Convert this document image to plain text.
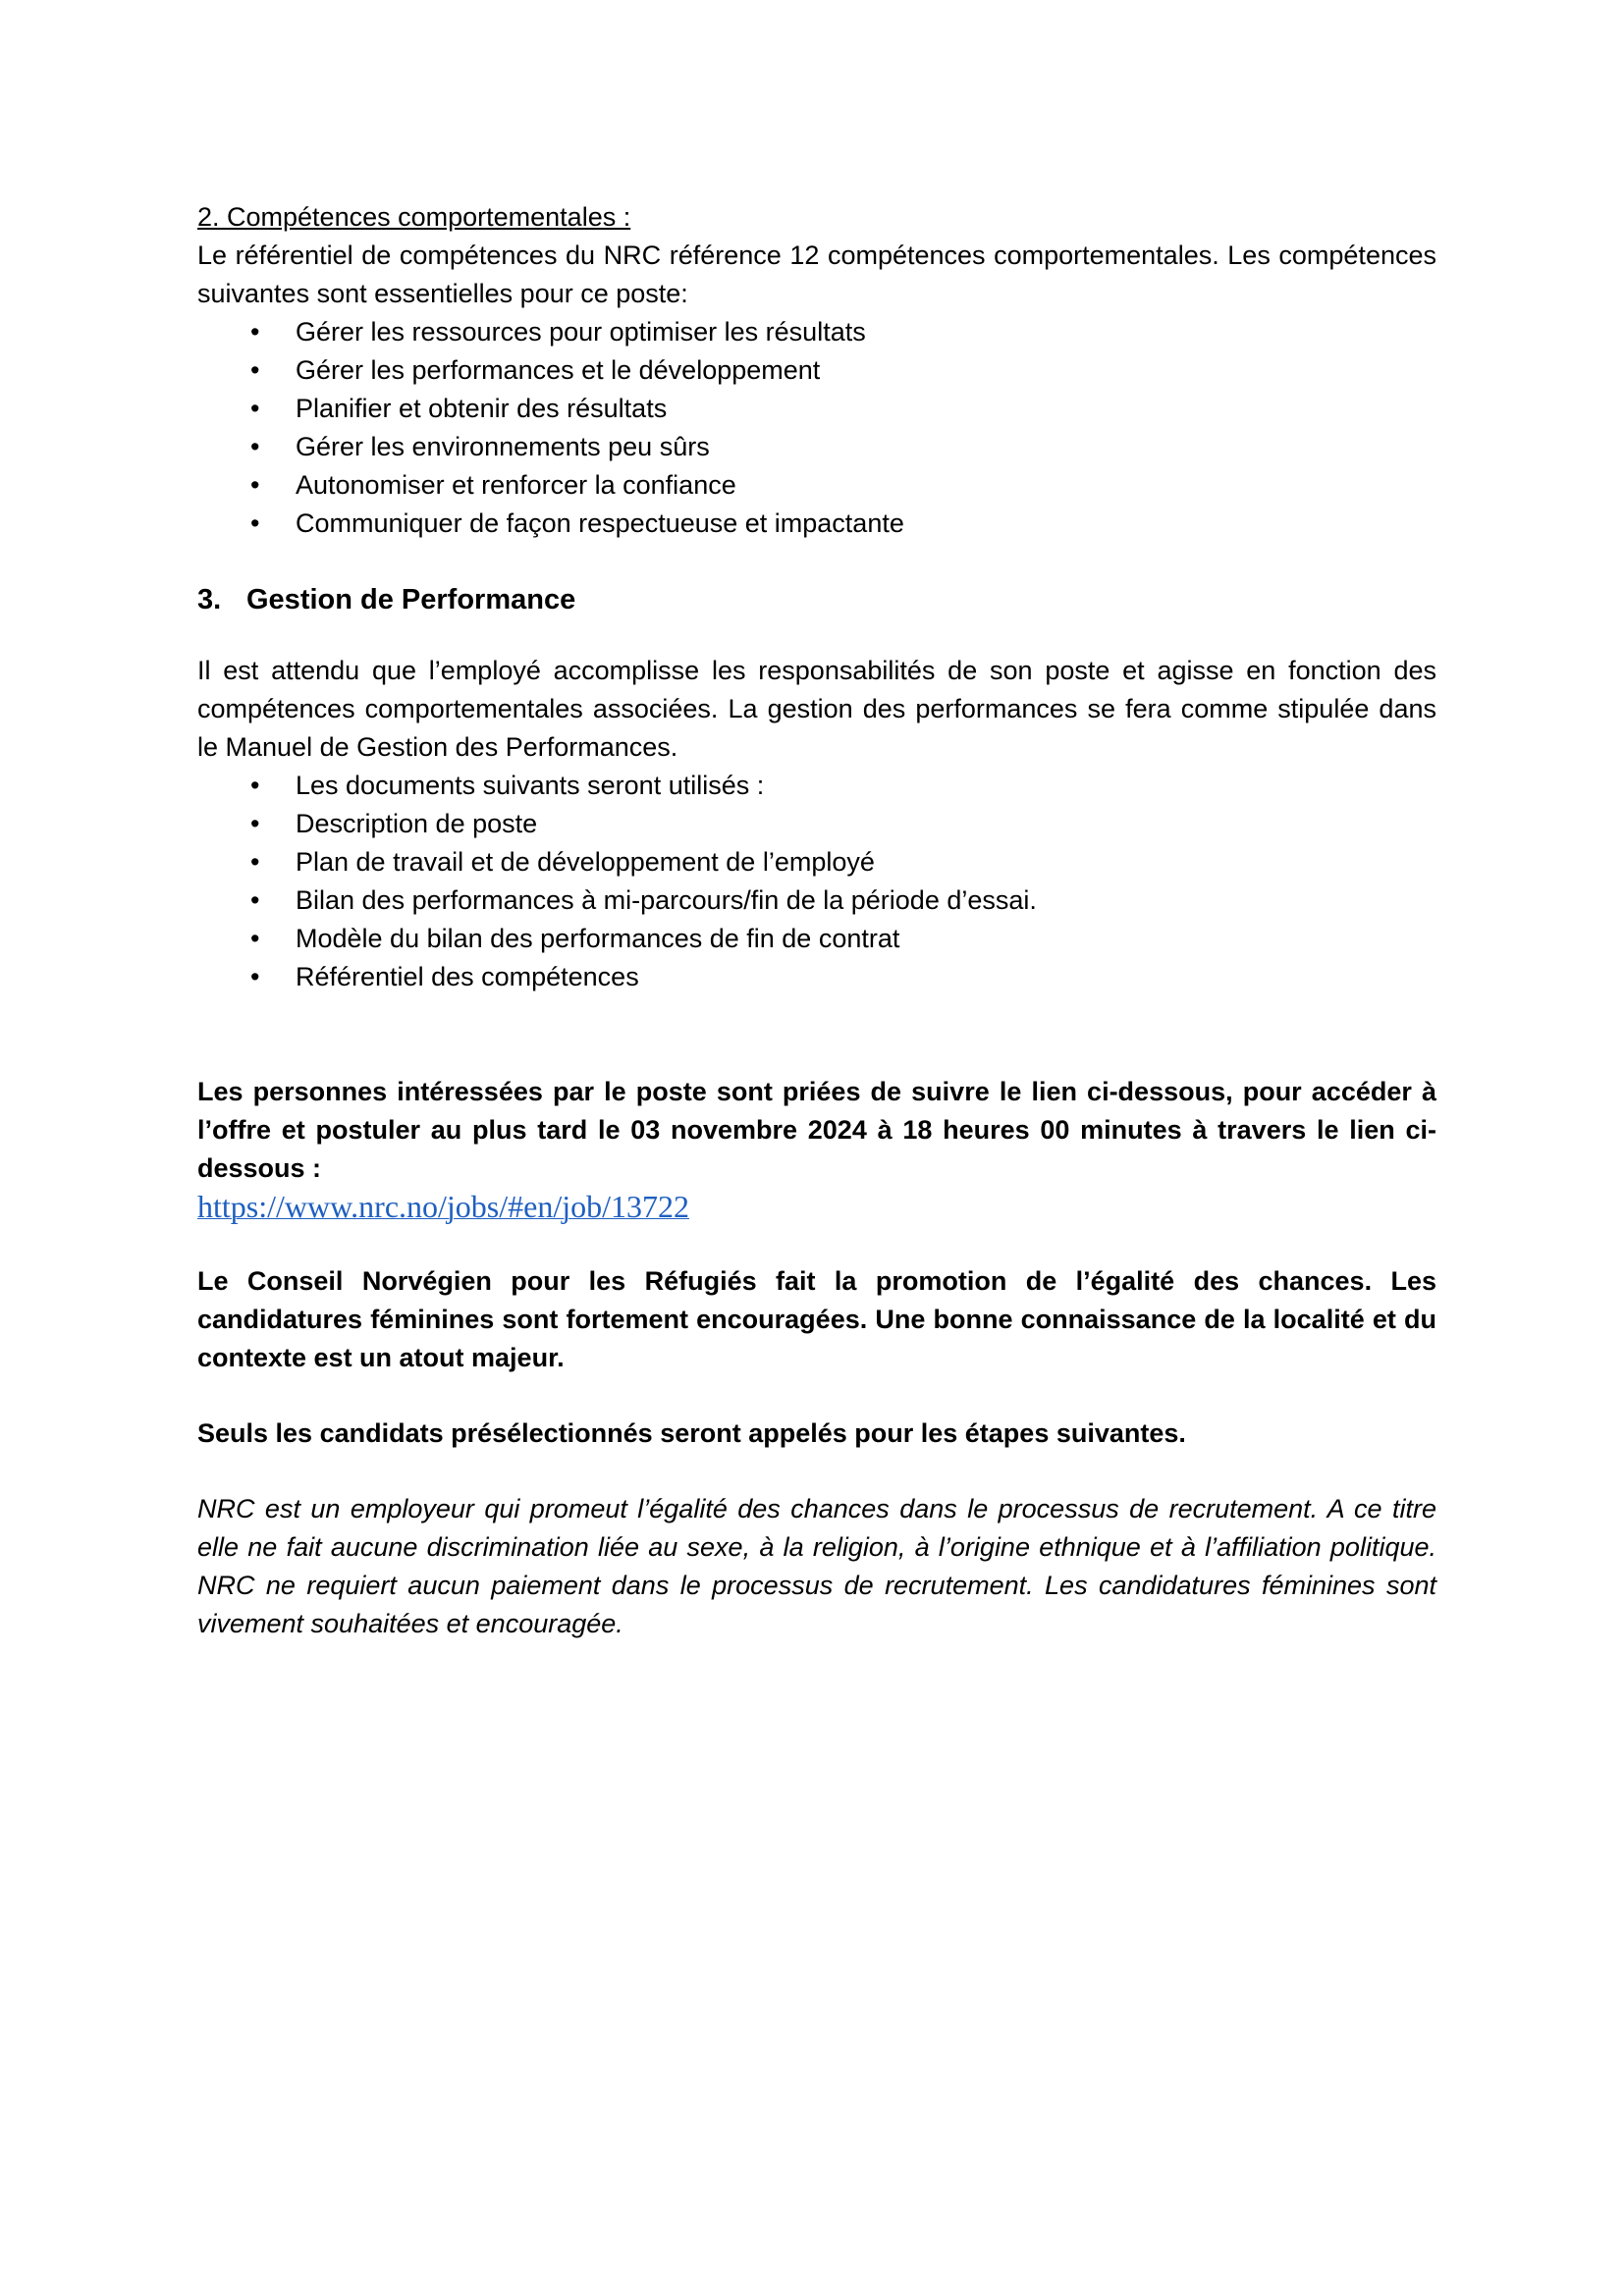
2. Compétences comportementales :
Le référentiel de compétences du NRC référence 12 compétences comportementales. Les compétences suivantes sont essentielles pour ce poste:
• Gérer les ressources pour optimiser les résultats
• Gérer les performances et le développement
• Planifier et obtenir des résultats
• Gérer les environnements peu sûrs
• Autonomiser et renforcer la confiance
• Communiquer de façon respectueuse et impactante
3. Gestion de Performance
Il est attendu que l’employé accomplisse les responsabilités de son poste et agisse en fonction des compétences comportementales associées. La gestion des performances se fera comme stipulée dans le Manuel de Gestion des Performances.
• Les documents suivants seront utilisés :
• Description de poste
• Plan de travail et de développement de l’employé
• Bilan des performances à mi-parcours/fin de la période d’essai.
• Modèle du bilan des performances de fin de contrat
• Référentiel des compétences
Les personnes intéressées par le poste sont priées de suivre le lien ci-dessous, pour accéder à l’offre et postuler au plus tard le 03 novembre 2024 à 18 heures 00 minutes à travers le lien ci-dessous :
https://www.nrc.no/jobs/#en/job/13722
Le Conseil Norvégien pour les Réfugiés fait la promotion de l’égalité des chances. Les candidatures féminines sont fortement encouragées. Une bonne connaissance de la localité et du contexte est un atout majeur.
Seuls les candidats présélectionnés seront appelés pour les étapes suivantes.
NRC est un employeur qui promeut l’égalité des chances dans le processus de recrutement. A ce titre elle ne fait aucune discrimination liée au sexe, à la religion, à l’origine ethnique et à l’affiliation politique. NRC ne requiert aucun paiement dans le processus de recrutement. Les candidatures féminines sont vivement souhaitées et encouragée.
